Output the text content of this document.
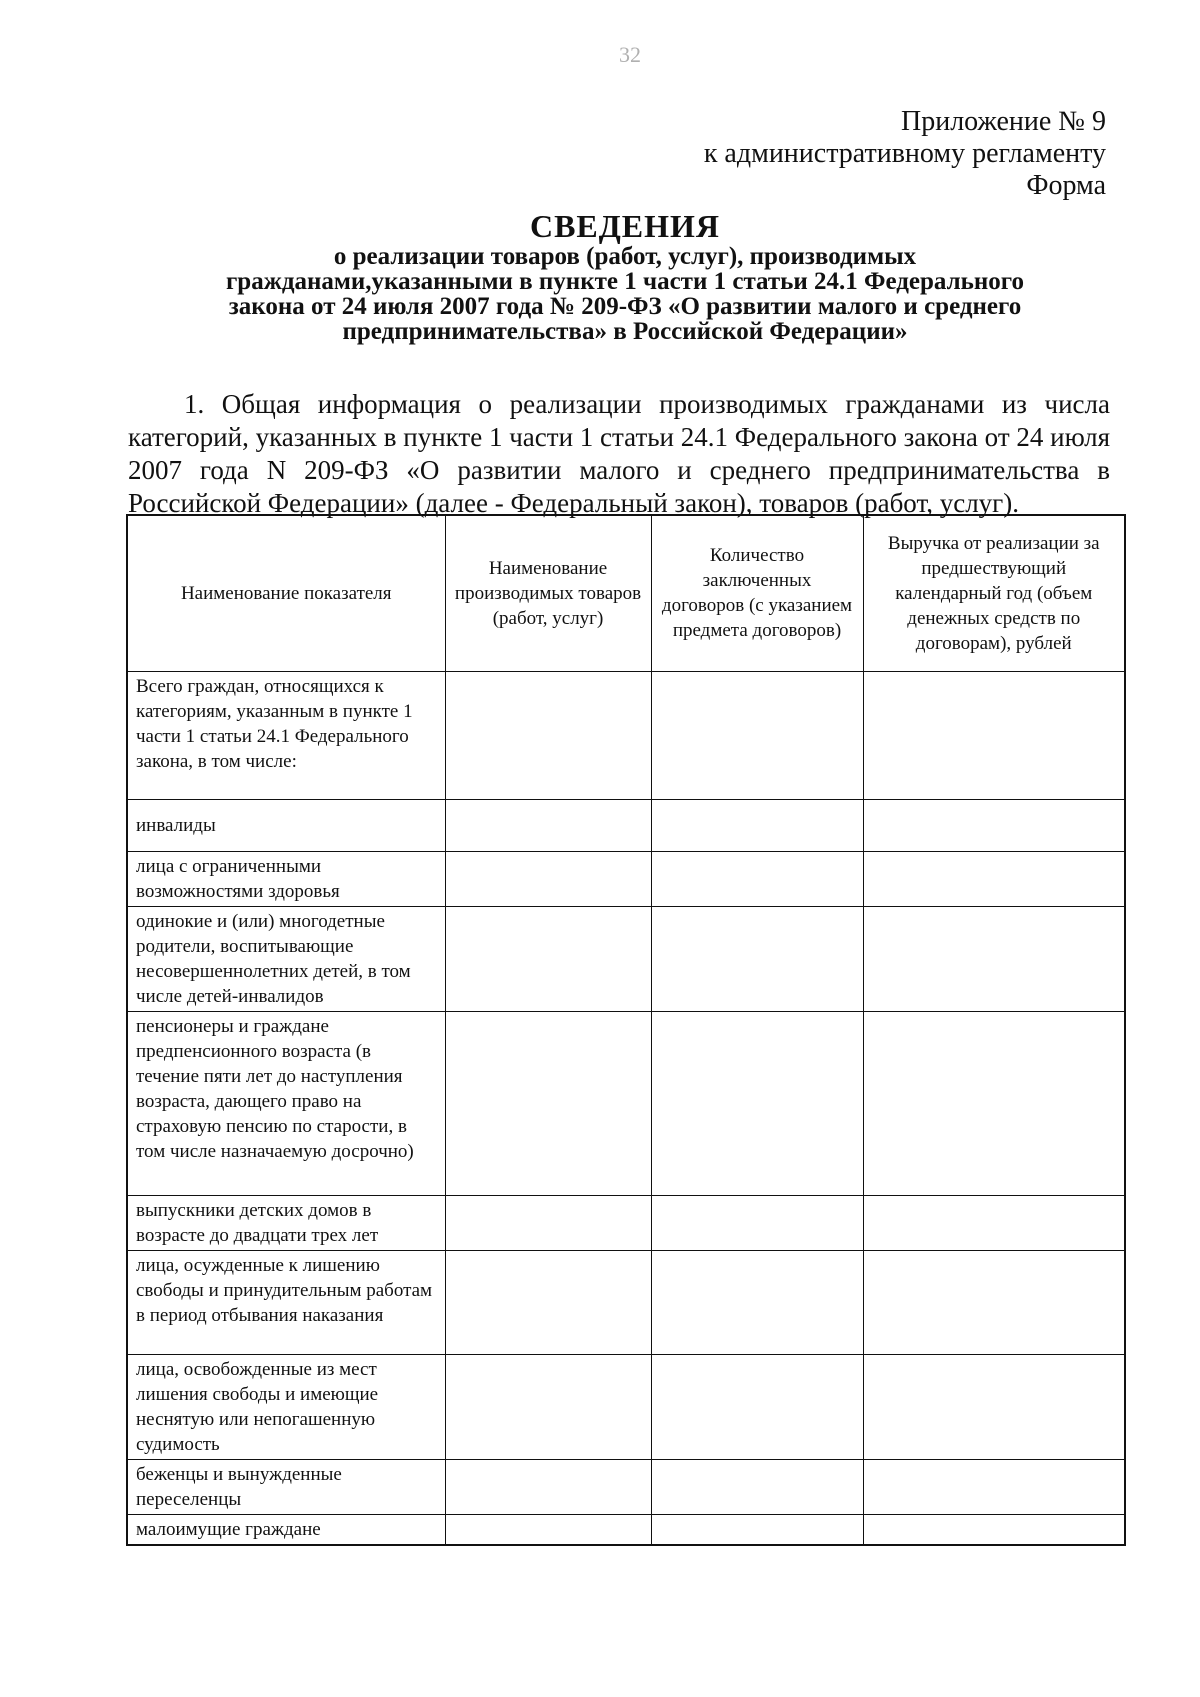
32
Приложение № 9
к административному регламенту
Форма
СВЕДЕНИЯ
о реализации товаров (работ, услуг), производимых
гражданами,указанными в пункте 1 части 1 статьи 24.1 Федерального
закона от 24 июля 2007 года № 209-ФЗ «О развитии малого и среднего
предпринимательства» в Российской Федерации»

1. Общая информация о реализации производимых гражданами из числа категорий, указанных в пункте 1 части 1 статьи 24.1 Федерального закона от 24 июля 2007 года N 209-ФЗ «О развитии малого и среднего предпринимательства в Российской Федерации» (далее - Федеральный закон), товаров (работ, услуг).

Наименование показателя	Наименование производимых товаров (работ, услуг)	Количество заключенных договоров (с указанием предмета договоров)	Выручка от реализации за предшествующий календарный год (объем денежных средств по договорам), рублей
Всего граждан, относящихся к категориям, указанным в пункте 1 части 1 статьи 24.1 Федерального закона, в том числе:			
инвалиды			
лица с ограниченными возможностями здоровья			
одинокие и (или) многодетные родители, воспитывающие несовершеннолетних детей, в том числе детей-инвалидов			
пенсионеры и граждане предпенсионного возраста (в течение пяти лет до наступления возраста, дающего право на страховую пенсию по старости, в том числе назначаемую досрочно)			
выпускники детских домов в возрасте до двадцати трех лет			
лица, осужденные к лишению свободы и принудительным работам в период отбывания наказания			
лица, освобожденные из мест лишения свободы и имеющие неснятую или непогашенную судимость			
беженцы и вынужденные переселенцы			
малоимущие граждане			
